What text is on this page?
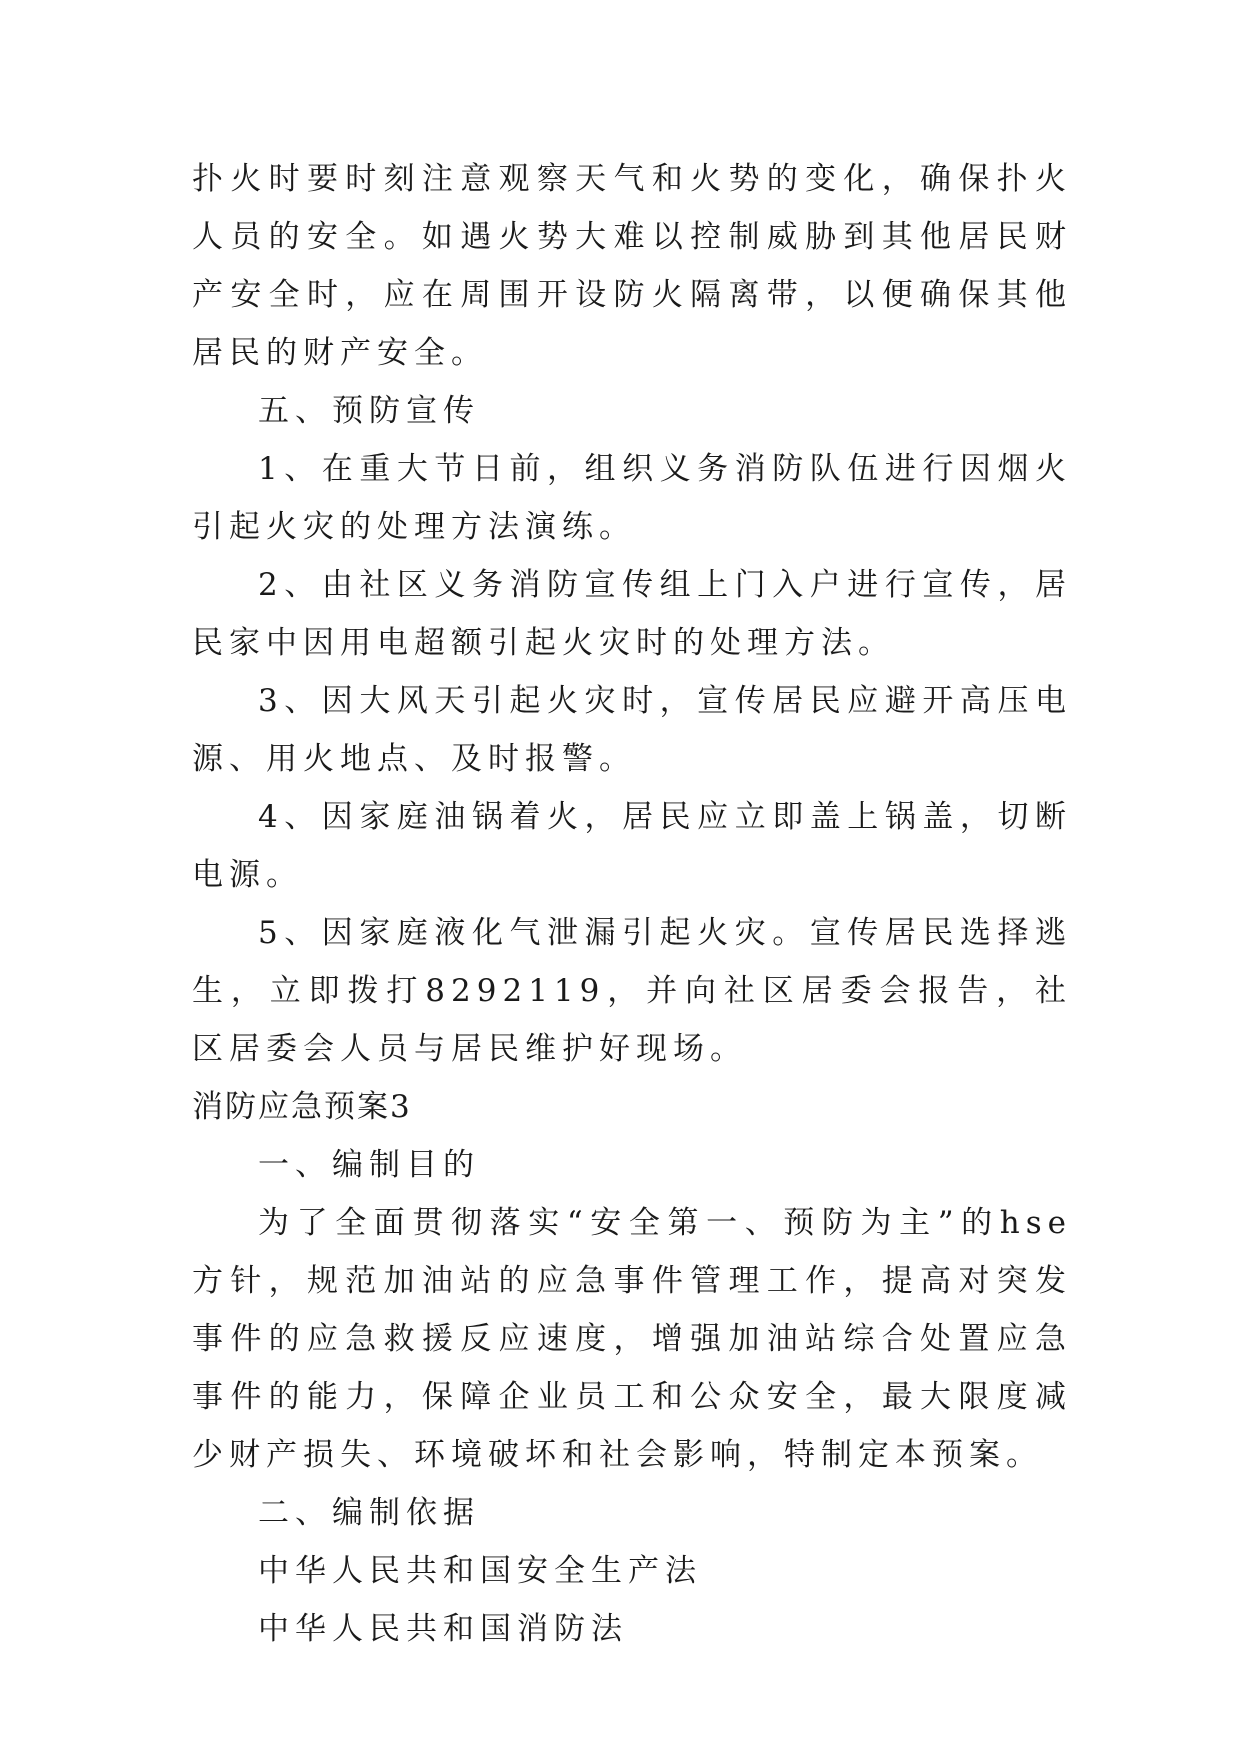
扑火时要时刻注意观察天气和火势的变化，确保扑火人员的安全。如遇火势大难以控制威胁到其他居民财产安全时，应在周围开设防火隔离带，以便确保其他居民的财产安全。

五、预防宣传

1、在重大节日前，组织义务消防队伍进行因烟火引起火灾的处理方法演练。

2、由社区义务消防宣传组上门入户进行宣传，居民家中因用电超额引起火灾时的处理方法。

3、因大风天引起火灾时，宣传居民应避开高压电源、用火地点、及时报警。

4、因家庭油锅着火，居民应立即盖上锅盖，切断电源。

5、因家庭液化气泄漏引起火灾。宣传居民选择逃生，立即拨打8292119，并向社区居委会报告，社区居委会人员与居民维护好现场。

消防应急预案3

一、编制目的

为了全面贯彻落实“安全第一、预防为主”的hse方针，规范加油站的应急事件管理工作，提高对突发事件的应急救援反应速度，增强加油站综合处置应急事件的能力，保障企业员工和公众安全，最大限度减少财产损失、环境破坏和社会影响，特制定本预案。

二、编制依据

中华人民共和国安全生产法

中华人民共和国消防法
